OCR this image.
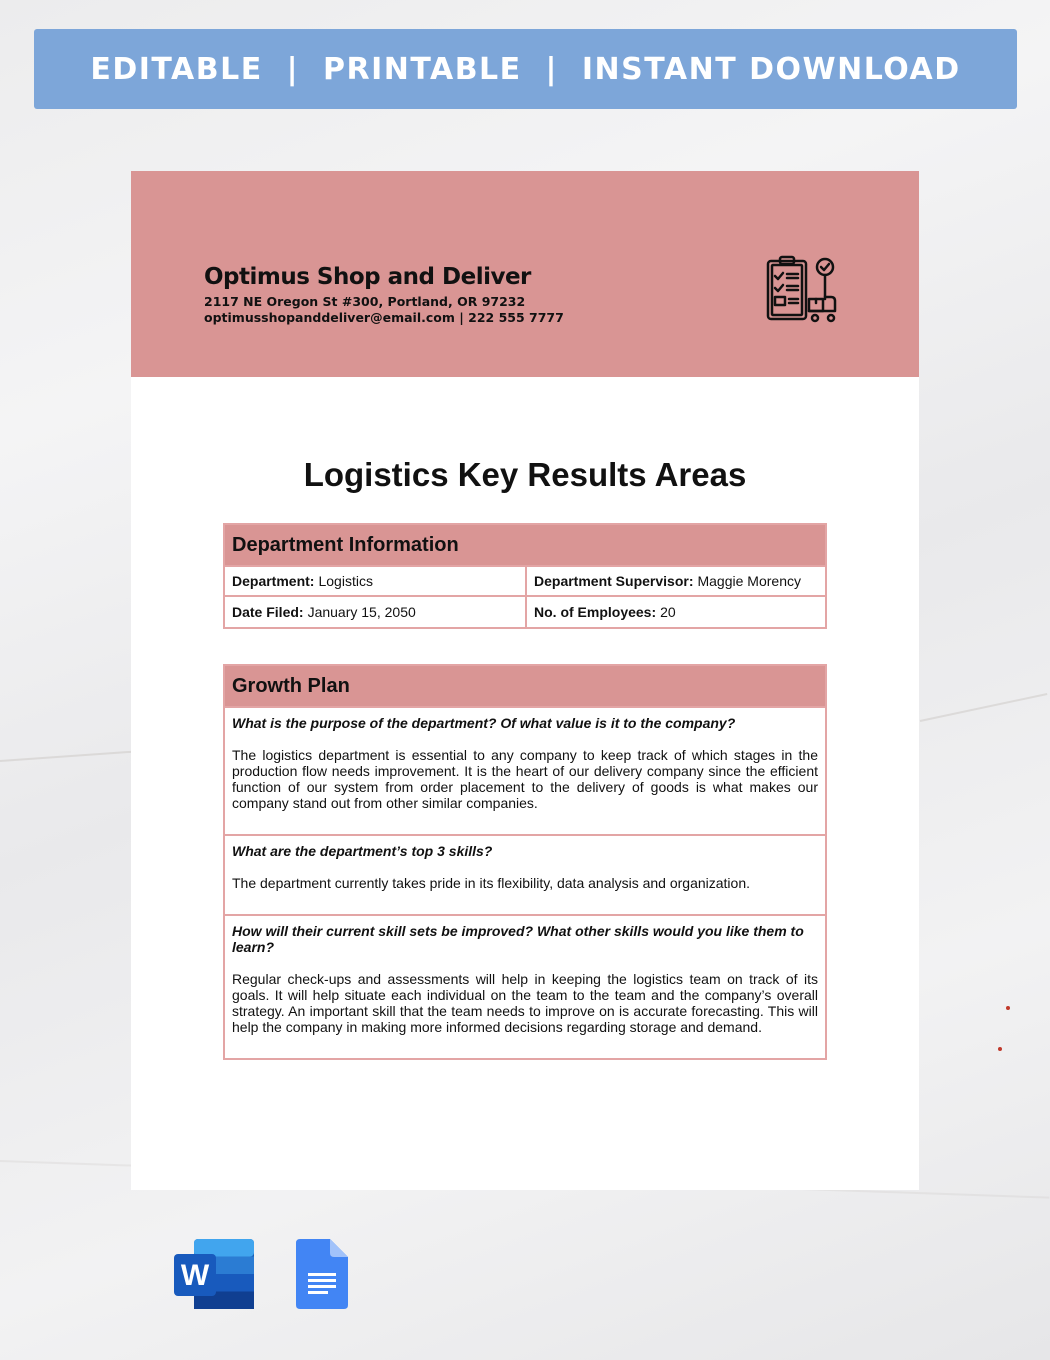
EDITABLE  |  PRINTABLE  |  INSTANT DOWNLOAD
Optimus Shop and Deliver
2117 NE Oregon St #300, Portland, OR 97232
optimusshopanddeliver@email.com | 222 555 7777
Logistics Key Results Areas
Department Information
Department: Logistics	Department Supervisor: Maggie Morency
Date Filed: January 15, 2050	No. of Employees: 20
Growth Plan
What is the purpose of the department? Of what value is it to the company?
The logistics department is essential to any company to keep track of which stages in the production flow needs improvement. It is the heart of our delivery company since the efficient function of our system from order placement to the delivery of goods is what makes our company stand out from other similar companies.
What are the department’s top 3 skills?
The department currently takes pride in its flexibility, data analysis and organization.
How will their current skill sets be improved? What other skills would you like them to learn?
Regular check-ups and assessments will help in keeping the logistics team on track of its goals. It will help situate each individual on the team to the team and the company’s overall strategy. An important skill that the team needs to improve on is accurate forecasting. This will help the company in making more informed decisions regarding storage and demand.
W
